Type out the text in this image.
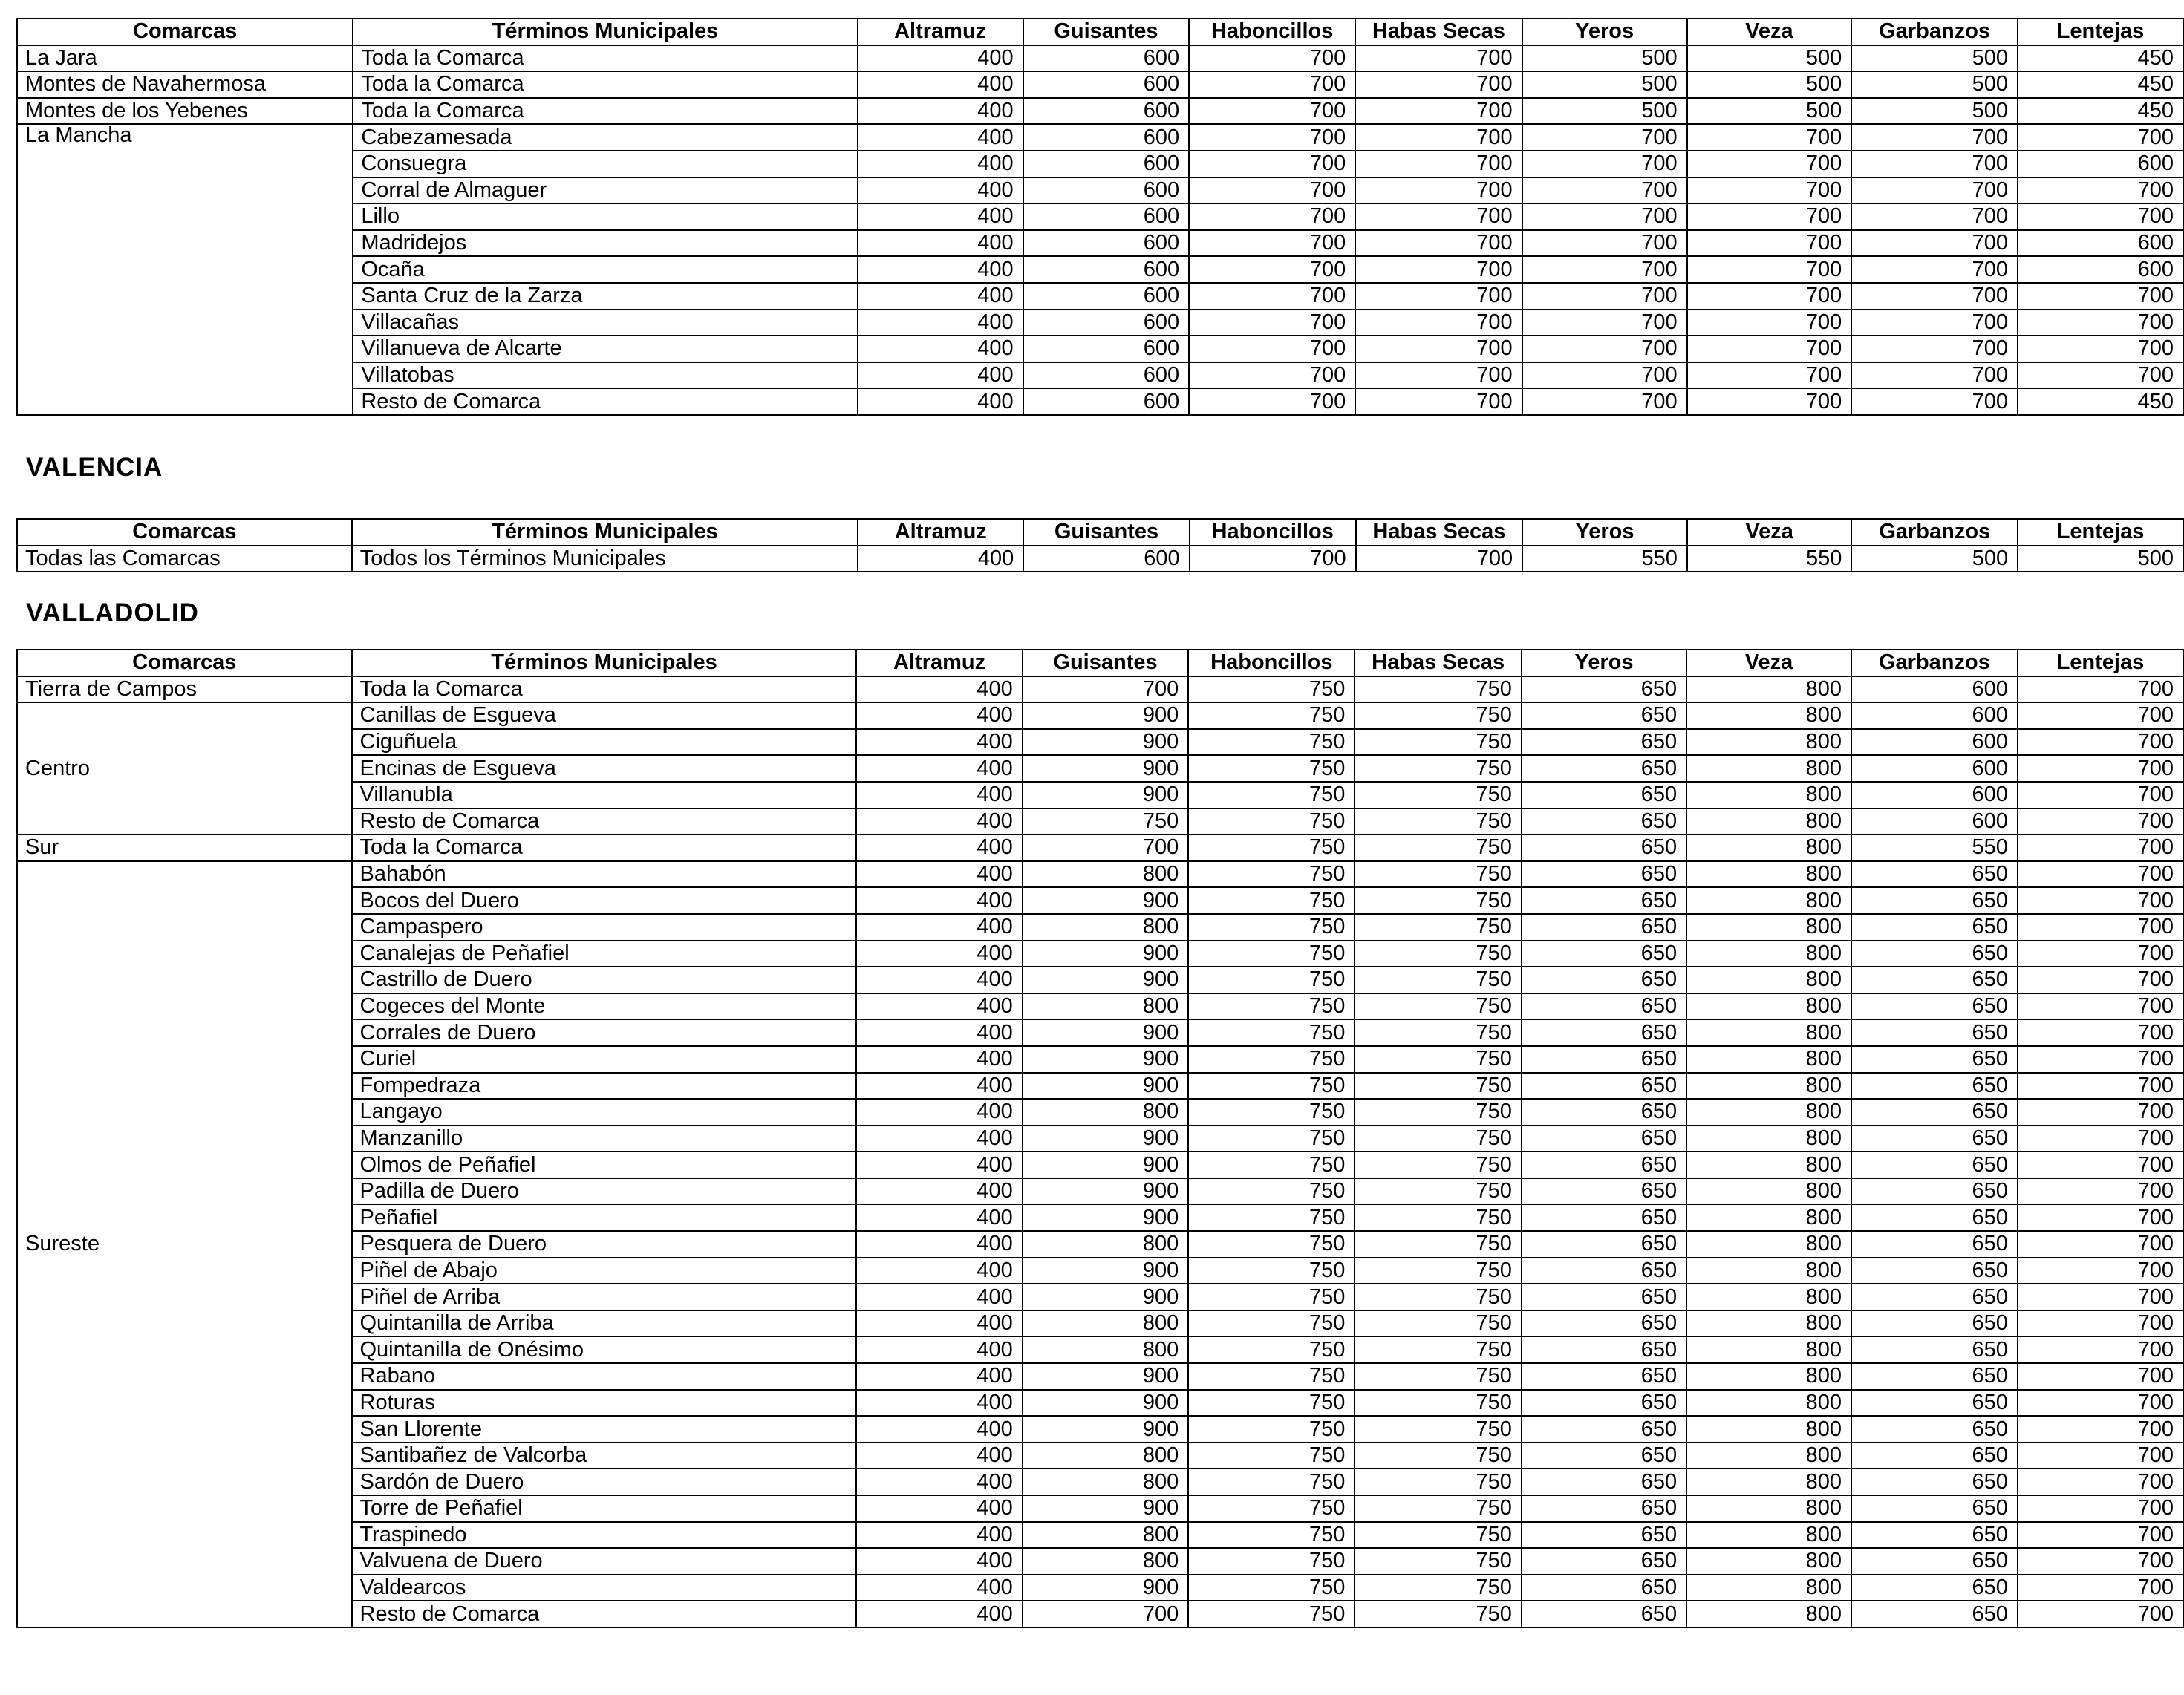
Comarcas	Términos Municipales	Altramuz	Guisantes	Haboncillos	Habas Secas	Yeros	Veza	Garbanzos	Lentejas
La Jara	Toda la Comarca	400	600	700	700	500	500	500	450
Montes de Navahermosa	Toda la Comarca	400	600	700	700	500	500	500	450
Montes de los Yebenes	Toda la Comarca	400	600	700	700	500	500	500	450
La Mancha	Cabezamesada	400	600	700	700	700	700	700	700
	Consuegra	400	600	700	700	700	700	700	600
	Corral de Almaguer	400	600	700	700	700	700	700	700
	Lillo	400	600	700	700	700	700	700	700
	Madridejos	400	600	700	700	700	700	700	600
	Ocaña	400	600	700	700	700	700	700	600
	Santa Cruz de la Zarza	400	600	700	700	700	700	700	700
	Villacañas	400	600	700	700	700	700	700	700
	Villanueva de Alcarte	400	600	700	700	700	700	700	700
	Villatobas	400	600	700	700	700	700	700	700
	Resto de Comarca	400	600	700	700	700	700	700	450
VALENCIA
Comarcas	Términos Municipales	Altramuz	Guisantes	Haboncillos	Habas Secas	Yeros	Veza	Garbanzos	Lentejas
Todas las Comarcas	Todos los Términos Municipales	400	600	700	700	550	550	500	500
VALLADOLID
Comarcas	Términos Municipales	Altramuz	Guisantes	Haboncillos	Habas Secas	Yeros	Veza	Garbanzos	Lentejas
Tierra de Campos	Toda la Comarca	400	700	750	750	650	800	600	700
Centro	Canillas de Esgueva	400	900	750	750	650	800	600	700
	Ciguñuela	400	900	750	750	650	800	600	700
	Encinas de Esgueva	400	900	750	750	650	800	600	700
	Villanubla	400	900	750	750	650	800	600	700
	Resto de Comarca	400	750	750	750	650	800	600	700
Sur	Toda la Comarca	400	700	750	750	650	800	550	700
Sureste	Bahabón	400	800	750	750	650	800	650	700
	Bocos del Duero	400	900	750	750	650	800	650	700
	Campaspero	400	800	750	750	650	800	650	700
	Canalejas de Peñafiel	400	900	750	750	650	800	650	700
	Castrillo de Duero	400	900	750	750	650	800	650	700
	Cogeces del Monte	400	800	750	750	650	800	650	700
	Corrales de Duero	400	900	750	750	650	800	650	700
	Curiel	400	900	750	750	650	800	650	700
	Fompedraza	400	900	750	750	650	800	650	700
	Langayo	400	800	750	750	650	800	650	700
	Manzanillo	400	900	750	750	650	800	650	700
	Olmos de Peñafiel	400	900	750	750	650	800	650	700
	Padilla de Duero	400	900	750	750	650	800	650	700
	Peñafiel	400	900	750	750	650	800	650	700
	Pesquera de Duero	400	800	750	750	650	800	650	700
	Piñel de Abajo	400	900	750	750	650	800	650	700
	Piñel de Arriba	400	900	750	750	650	800	650	700
	Quintanilla de Arriba	400	800	750	750	650	800	650	700
	Quintanilla de Onésimo	400	800	750	750	650	800	650	700
	Rabano	400	900	750	750	650	800	650	700
	Roturas	400	900	750	750	650	800	650	700
	San Llorente	400	900	750	750	650	800	650	700
	Santibañez de Valcorba	400	800	750	750	650	800	650	700
	Sardón de Duero	400	800	750	750	650	800	650	700
	Torre de Peñafiel	400	900	750	750	650	800	650	700
	Traspinedo	400	800	750	750	650	800	650	700
	Valvuena de Duero	400	800	750	750	650	800	650	700
	Valdearcos	400	900	750	750	650	800	650	700
	Resto de Comarca	400	700	750	750	650	800	650	700
